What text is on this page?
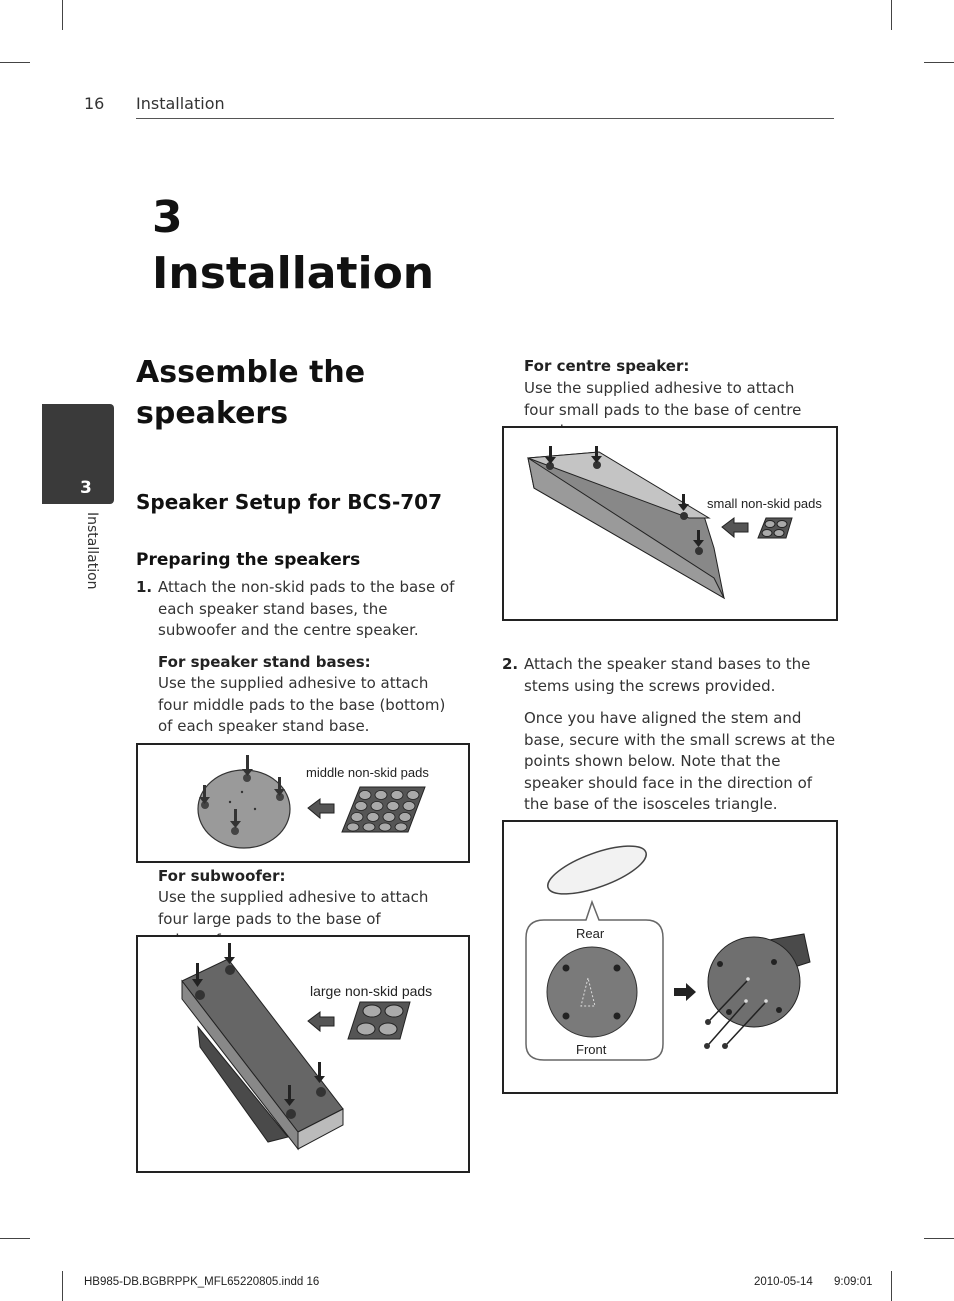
16 Installation
3
Installation
3
Installation
Assemble the
speakers
Speaker Setup for BCS-707
Preparing the speakers
1. Attach the non-skid pads to the base of each speaker stand bases, the subwoofer and the centre speaker.
For speaker stand bases:
Use the supplied adhesive to attach four middle pads to the base (bottom) of each speaker stand base.
middle non-skid pads
For subwoofer:
Use the supplied adhesive to attach four large pads to the base of
large non-skid pads
For centre speaker:
Use the supplied adhesive to attach four small pads to the base of centre
small non-skid pads
2. Attach the speaker stand bases to the stems using the screws provided.
Once you have aligned the stem and base, secure with the small screws at the points shown below. Note that the speaker should face in the direction of the base of the isosceles triangle.
Rear
Front
HB985-DB.BGBRPPK_MFL65220805.indd 16	2010-05-14 9:09:01
